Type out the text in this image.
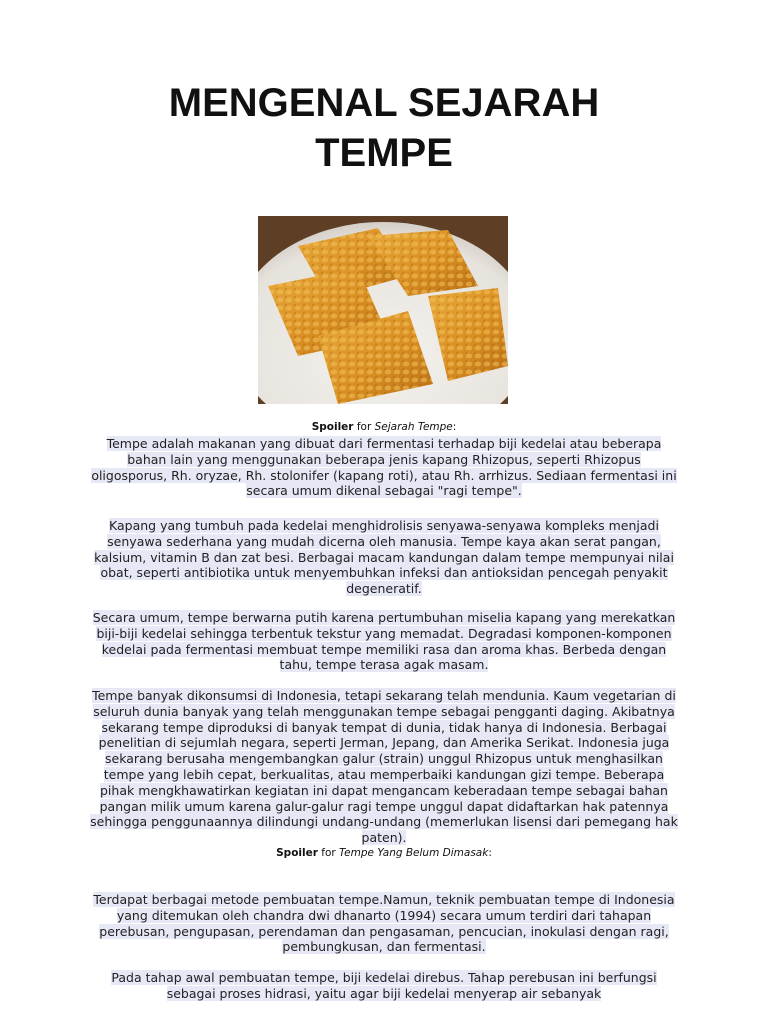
MENGENAL SEJARAH
TEMPE
Spoiler for Sejarah Tempe:

Tempe adalah makanan yang dibuat dari fermentasi terhadap biji kedelai atau beberapa bahan lain yang menggunakan beberapa jenis kapang Rhizopus, seperti Rhizopus oligosporus, Rh. oryzae, Rh. stolonifer (kapang roti), atau Rh. arrhizus. Sediaan fermentasi ini secara umum dikenal sebagai "ragi tempe".

Kapang yang tumbuh pada kedelai menghidrolisis senyawa-senyawa kompleks menjadi senyawa sederhana yang mudah dicerna oleh manusia. Tempe kaya akan serat pangan, kalsium, vitamin B dan zat besi. Berbagai macam kandungan dalam tempe mempunyai nilai obat, seperti antibiotika untuk menyembuhkan infeksi dan antioksidan pencegah penyakit degeneratif.

Secara umum, tempe berwarna putih karena pertumbuhan miselia kapang yang merekatkan biji-biji kedelai sehingga terbentuk tekstur yang memadat. Degradasi komponen-komponen kedelai pada fermentasi membuat tempe memiliki rasa dan aroma khas. Berbeda dengan tahu, tempe terasa agak masam.

Tempe banyak dikonsumsi di Indonesia, tetapi sekarang telah mendunia. Kaum vegetarian di seluruh dunia banyak yang telah menggunakan tempe sebagai pengganti daging. Akibatnya sekarang tempe diproduksi di banyak tempat di dunia, tidak hanya di Indonesia. Berbagai penelitian di sejumlah negara, seperti Jerman, Jepang, dan Amerika Serikat. Indonesia juga sekarang berusaha mengembangkan galur (strain) unggul Rhizopus untuk menghasilkan tempe yang lebih cepat, berkualitas, atau memperbaiki kandungan gizi tempe. Beberapa pihak mengkhawatirkan kegiatan ini dapat mengancam keberadaan tempe sebagai bahan pangan milik umum karena galur-galur ragi tempe unggul dapat didaftarkan hak patennya sehingga penggunaannya dilindungi undang-undang (memerlukan lisensi dari pemegang hak paten).

Spoiler for Tempe Yang Belum Dimasak:

Terdapat berbagai metode pembuatan tempe.Namun, teknik pembuatan tempe di Indonesia yang ditemukan oleh chandra dwi dhanarto (1994) secara umum terdiri dari tahapan perebusan, pengupasan, perendaman dan pengasaman, pencucian, inokulasi dengan ragi, pembungkusan, dan fermentasi.

Pada tahap awal pembuatan tempe, biji kedelai direbus. Tahap perebusan ini berfungsi sebagai proses hidrasi, yaitu agar biji kedelai menyerap air sebanyak
